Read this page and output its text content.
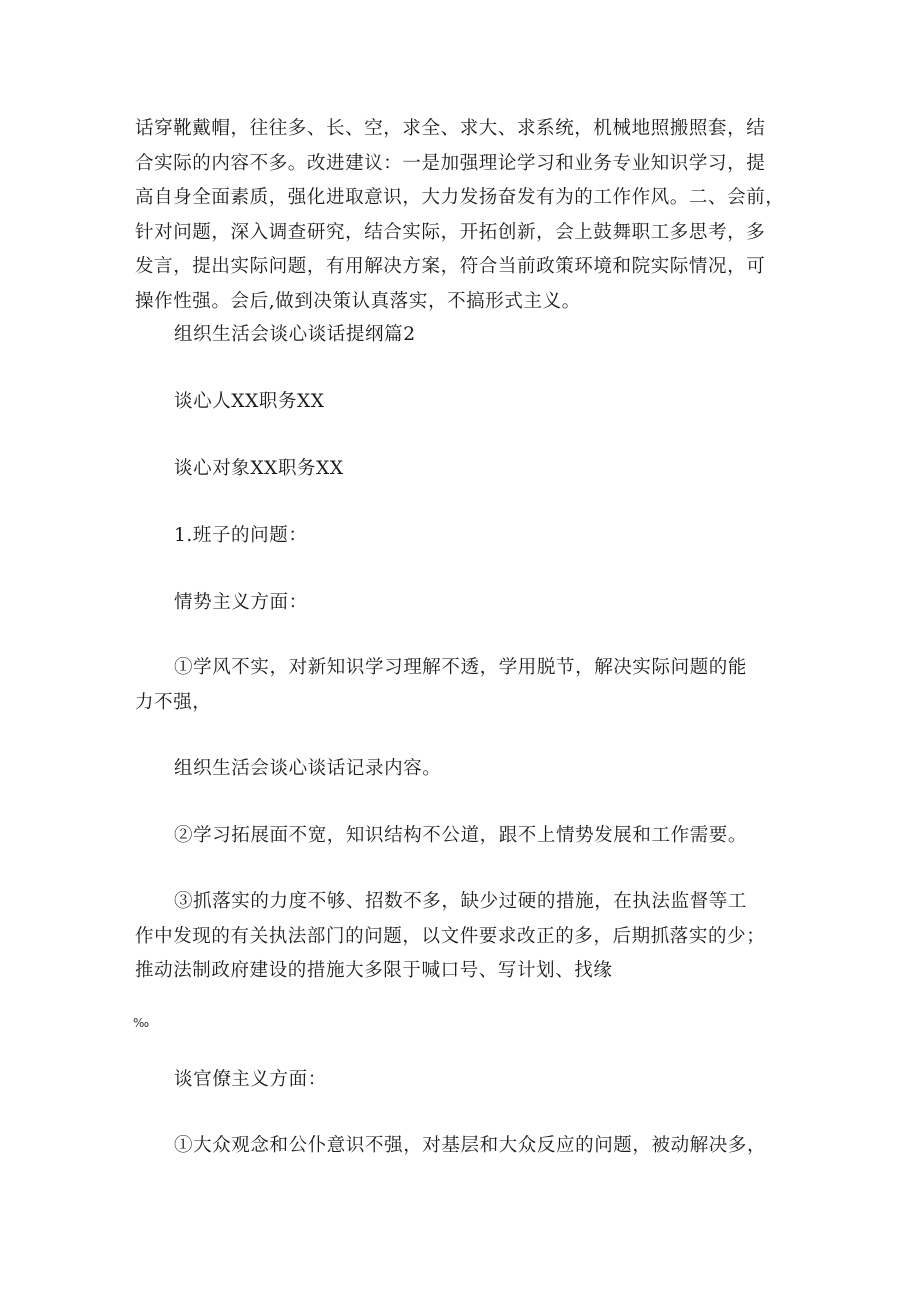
话穿靴戴帽，往往多、长、空，求全、求大、求系统，机械地照搬照套，结
合实际的内容不多。改进建议：一是加强理论学习和业务专业知识学习，提
高自身全面素质，强化进取意识，大力发扬奋发有为的工作作风。二、会前，
针对问题，深入调查研究，结合实际，开拓创新，会上鼓舞职工多思考，多
发言，提出实际问题，有用解决方案，符合当前政策环境和院实际情况，可
操作性强。会后,做到决策认真落实，不搞形式主义。
组织生活会谈心谈话提纲篇2
谈心人XX职务XX
谈心对象XX职务XX
1.班子的问题：
情势主义方面：
①学风不实，对新知识学习理解不透，学用脱节，解决实际问题的能
力不强，
组织生活会谈心谈话记录内容。
②学习拓展面不宽，知识结构不公道，跟不上情势发展和工作需要。
③抓落实的力度不够、招数不多，缺少过硬的措施，在执法监督等工
作中发现的有关执法部门的问题，以文件要求改正的多，后期抓落实的少；
推动法制政府建设的措施大多限于喊口号、写计划、找缘
‰
谈官僚主义方面：
①大众观念和公仆意识不强，对基层和大众反应的问题，被动解决多，
